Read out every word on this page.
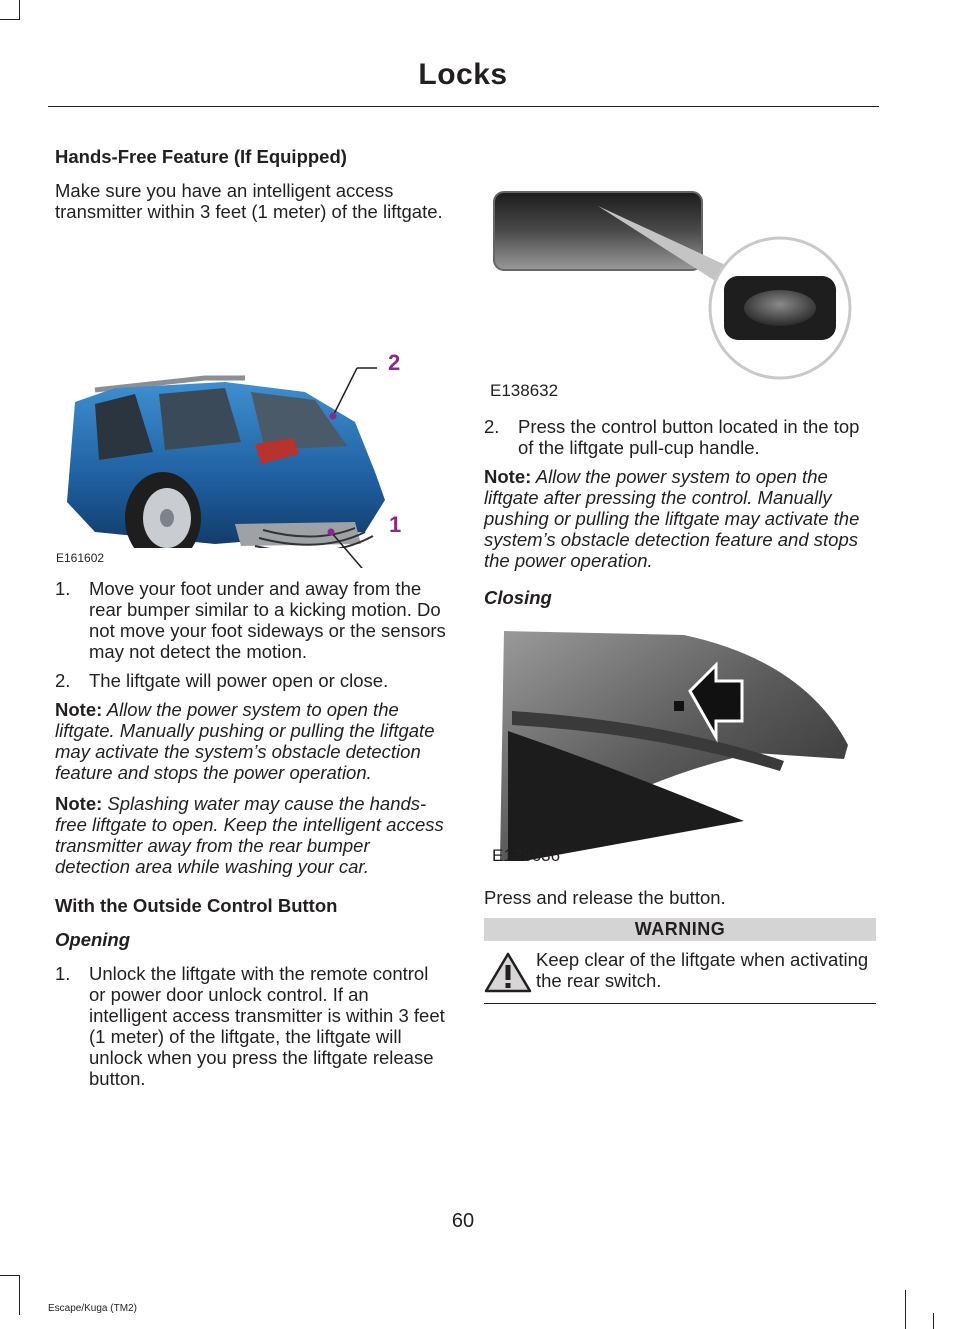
Locks
Hands-Free Feature (If Equipped)

Make sure you have an intelligent access transmitter within 3 feet (1 meter) of the liftgate.

2
1
E161602
1. Move your foot under and away from the rear bumper similar to a kicking motion. Do not move your foot sideways or the sensors may not detect the motion.
2. The liftgate will power open or close.

Note: Allow the power system to open the liftgate. Manually pushing or pulling the liftgate may activate the system’s obstacle detection feature and stops the power operation.

Note: Splashing water may cause the hands-free liftgate to open. Keep the intelligent access transmitter away from the rear bumper detection area while washing your car.

With the Outside Control Button
Opening
1. Unlock the liftgate with the remote control or power door unlock control. If an intelligent access transmitter is within 3 feet (1 meter) of the liftgate, the liftgate will unlock when you press the liftgate release button.
E138632
2. Press the control button located in the top of the liftgate pull-cup handle.

Note: Allow the power system to open the liftgate after pressing the control. Manually pushing or pulling the liftgate may activate the system’s obstacle detection feature and stops the power operation.

Closing
E138636

Press and release the button.

WARNING
Keep clear of the liftgate when activating the rear switch.
60
Escape/Kuga (TM2)
